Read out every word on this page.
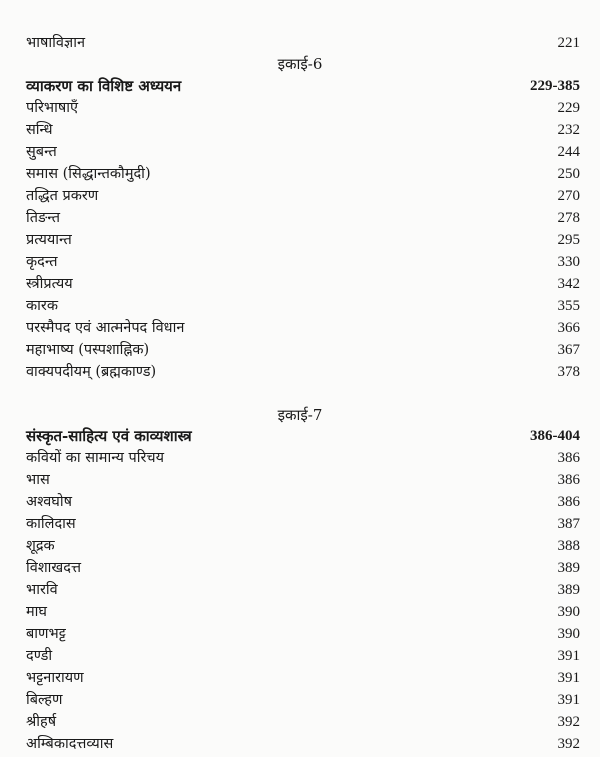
भाषाविज्ञान	221
इकाई-6
व्याकरण का विशिष्ट अध्ययन	229-385
परिभाषाएँ	229
सन्धि	232
सुबन्त	244
समास (सिद्धान्तकौमुदी)	250
तद्धित प्रकरण	270
तिङन्त	278
प्रत्ययान्त	295
कृदन्त	330
स्त्रीप्रत्यय	342
कारक	355
परस्मैपद एवं आत्मनेपद विधान	366
महाभाष्य (पस्पशाह्निक)	367
वाक्यपदीयम् (ब्रह्मकाण्ड)	378
इकाई-7
संस्कृत-साहित्य एवं काव्यशास्त्र	386-404
कवियों का सामान्य परिचय	386
भास	386
अश्वघोष	386
कालिदास	387
शूद्रक	388
विशाखदत्त	389
भारवि	389
माघ	390
बाणभट्ट	390
दण्डी	391
भट्टनारायण	391
बिल्हण	391
श्रीहर्ष	392
अम्बिकादत्तव्यास	392
